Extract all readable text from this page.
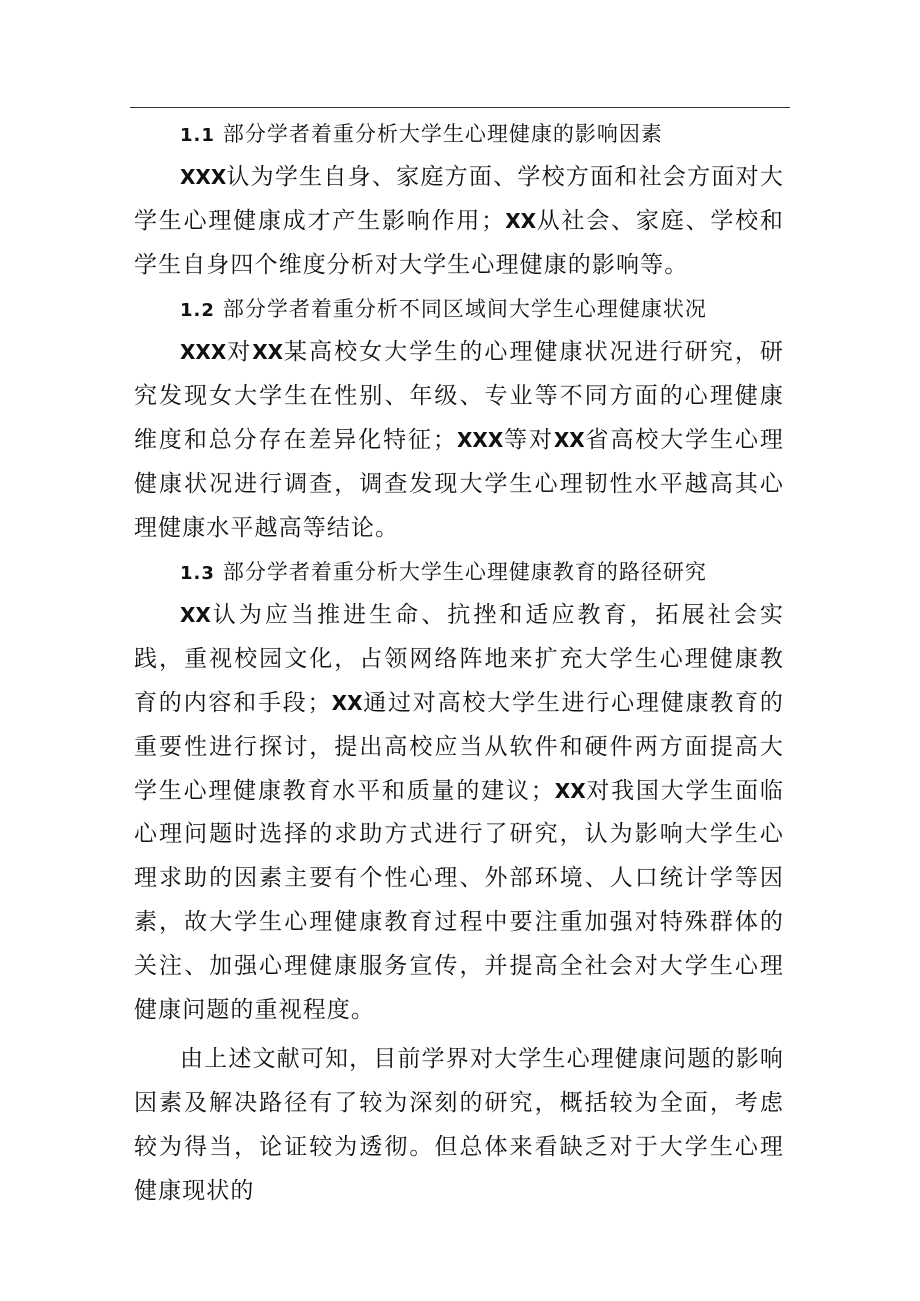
1.1 部分学者着重分析大学生心理健康的影响因素

XXX认为学生自身、家庭方面、学校方面和社会方面对大学生心理健康成才产生影响作用；XX从社会、家庭、学校和学生自身四个维度分析对大学生心理健康的影响等。

1.2 部分学者着重分析不同区域间大学生心理健康状况

XXX对XX某高校女大学生的心理健康状况进行研究，研究发现女大学生在性别、年级、专业等不同方面的心理健康维度和总分存在差异化特征；XXX等对XX省高校大学生心理健康状况进行调查，调查发现大学生心理韧性水平越高其心理健康水平越高等结论。

1.3 部分学者着重分析大学生心理健康教育的路径研究

XX认为应当推进生命、抗挫和适应教育，拓展社会实践，重视校园文化，占领网络阵地来扩充大学生心理健康教育的内容和手段；XX通过对高校大学生进行心理健康教育的重要性进行探讨，提出高校应当从软件和硬件两方面提高大学生心理健康教育水平和质量的建议；XX对我国大学生面临心理问题时选择的求助方式进行了研究，认为影响大学生心理求助的因素主要有个性心理、外部环境、人口统计学等因素，故大学生心理健康教育过程中要注重加强对特殊群体的关注、加强心理健康服务宣传，并提高全社会对大学生心理健康问题的重视程度。

由上述文献可知，目前学界对大学生心理健康问题的影响因素及解决路径有了较为深刻的研究，概括较为全面，考虑较为得当，论证较为透彻。但总体来看缺乏对于大学生心理健康现状的
